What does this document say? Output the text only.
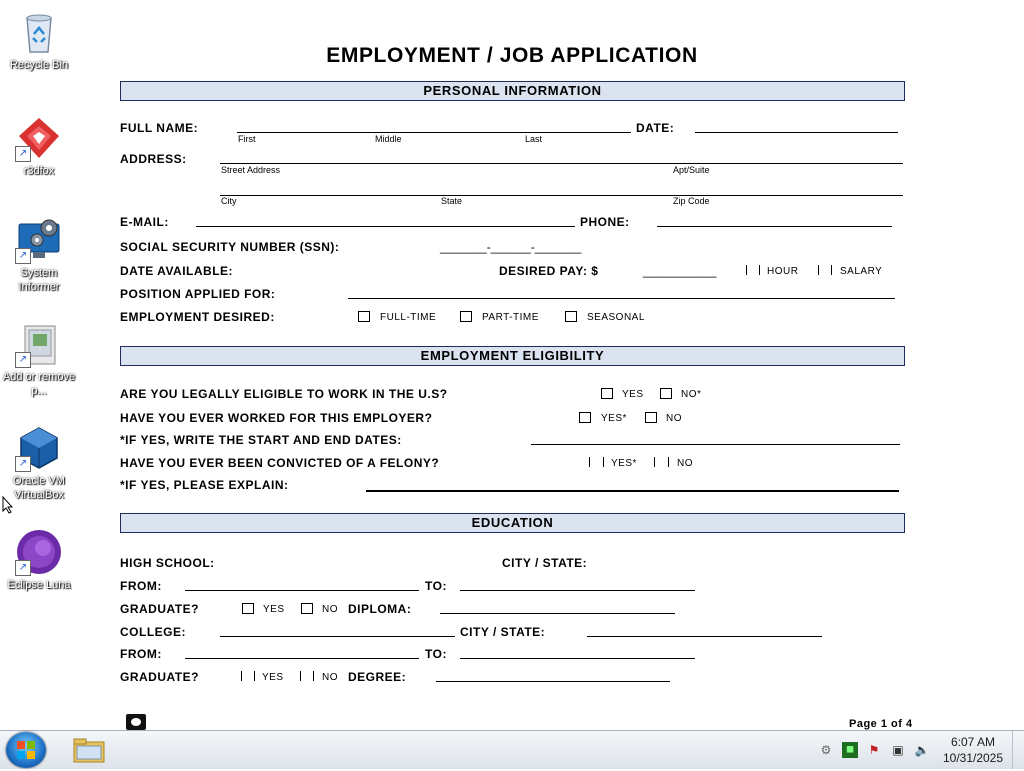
Recycle Bin
↗
r3dfox
↗
System Informer
↗
Add or remove p...
↗
Oracle VM VirtualBox
↗
Eclipse Luna
EMPLOYMENT / JOB APPLICATION
PERSONAL INFORMATION
FULL NAME:
First	Middle	Last
DATE:
ADDRESS:
Street Address	Apt/Suite
City	State	Zip Code
E-MAIL:	PHONE:
SOCIAL SECURITY NUMBER (SSN):	_______-______-_______
DATE AVAILABLE:	DESIRED PAY: $	___________	HOUR	SALARY
POSITION APPLIED FOR:
EMPLOYMENT DESIRED:	FULL-TIME	PART-TIME	SEASONAL
EMPLOYMENT ELIGIBILITY
ARE YOU LEGALLY ELIGIBLE TO WORK IN THE U.S?	YES	NO*
HAVE YOU EVER WORKED FOR THIS EMPLOYER?	YES*	NO
*IF YES, WRITE THE START AND END DATES:
HAVE YOU EVER BEEN CONVICTED OF A FELONY?	YES*	NO
*IF YES, PLEASE EXPLAIN:
EDUCATION
HIGH SCHOOL:	CITY / STATE:
FROM:	TO:
GRADUATE?	YES	NO DIPLOMA:
COLLEGE:	CITY / STATE:
FROM:	TO:
GRADUATE?	YES	NO DEGREE:
Page 1 of 4
⚙	◼	⚑ ▣ 🔈
6:07 AM
10/31/2025
